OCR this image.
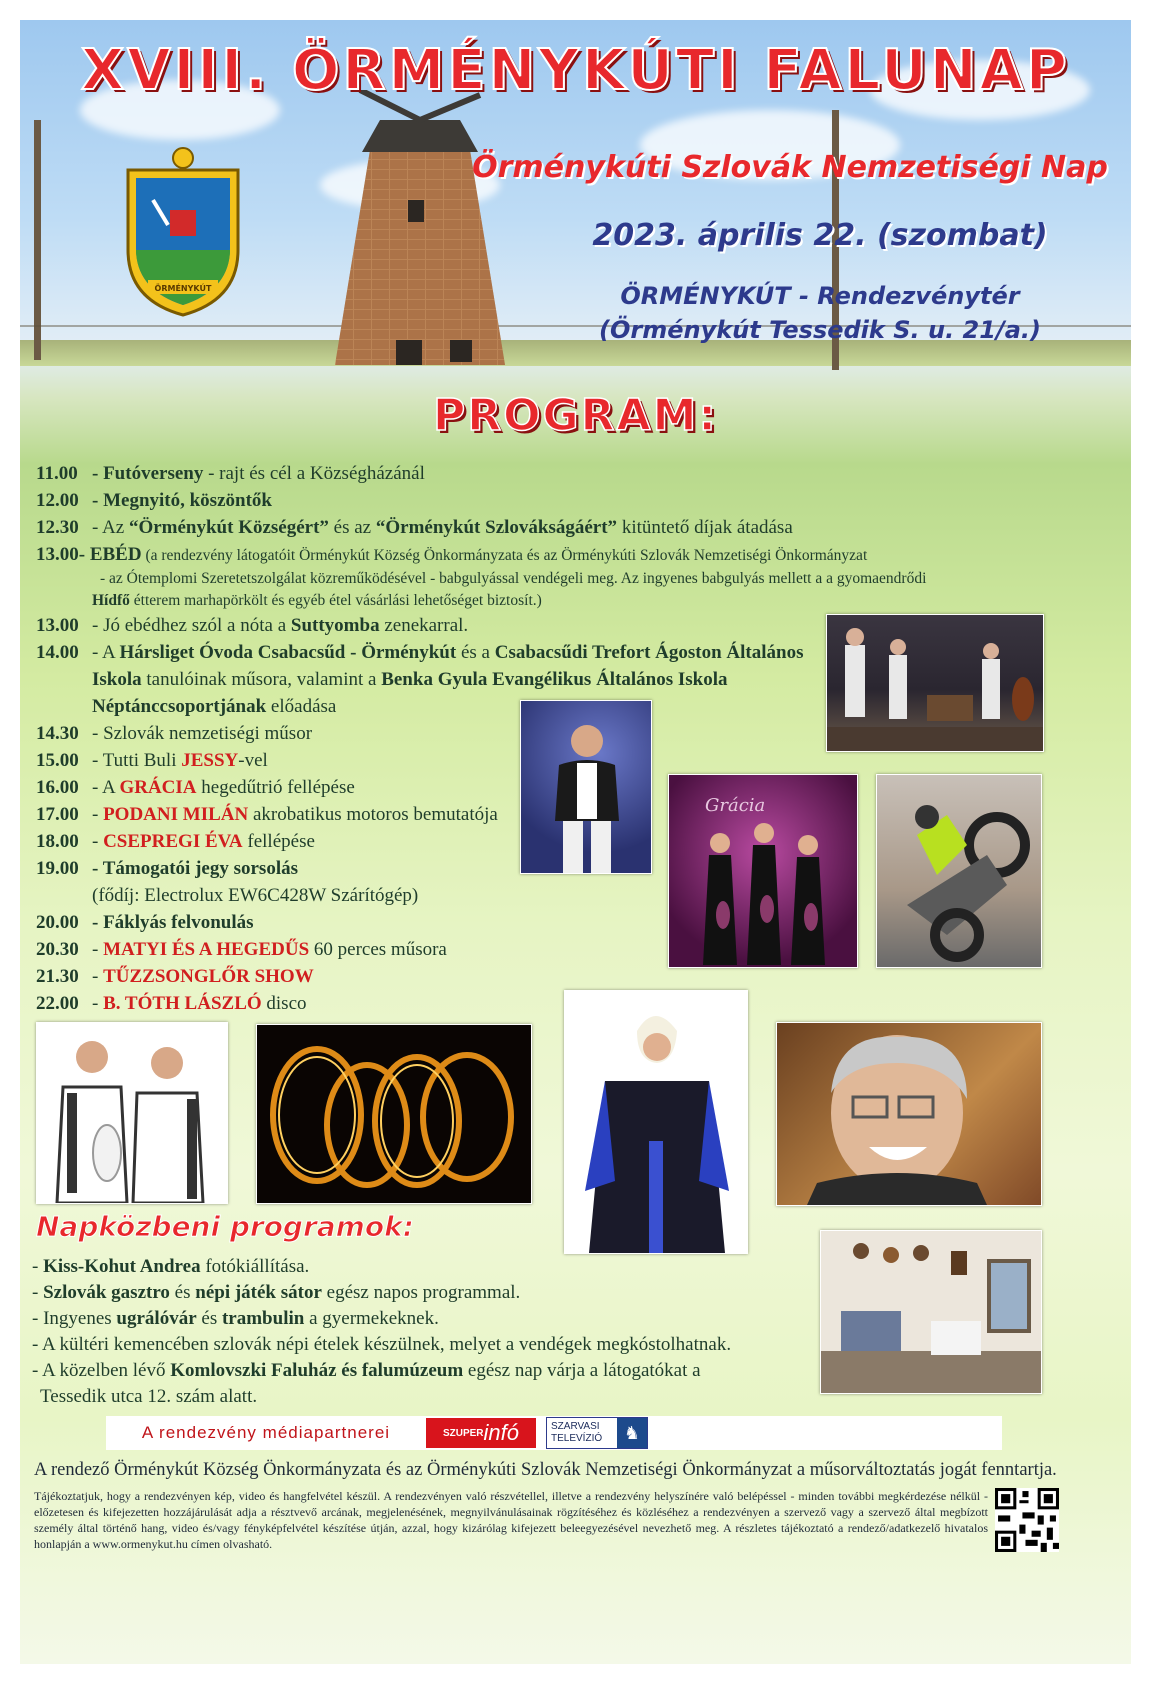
ÖRMÉNYKÚT
XVIII. ÖRMÉNYKÚTI FALUNAP
Örménykúti Szlovák Nemzetiségi Nap
2023. április 22. (szombat)
ÖRMÉNYKÚT - Rendezvénytér
(Örménykút Tessedik S. u. 21/a.)
PROGRAM:
11.00 - Futóverseny - rajt és cél a Községházánál
12.00 - Megnyitó, köszöntők
12.30 - Az “Örménykút Községért” és az “Örménykút Szlovákságáért” kitüntető díjak átadása
13.00 - EBÉD (a rendezvény látogatóit Örménykút Község Önkormányzata és az Örménykúti Szlovák Nemzetiségi Önkormányzat
- az Ótemplomi Szeretetszolgálat közreműködésével - babgulyással vendégeli meg. Az ingyenes babgulyás mellett a a gyomaendrődi
Hídfő étterem marhapörkölt és egyéb étel vásárlási lehetőséget biztosít.)
13.00 - Jó ebédhez szól a nóta a Suttyomba zenekarral.
14.00 - A Hársliget Óvoda Csabacsűd - Örménykút és a Csabacsűdi Trefort Ágoston Általános
Iskola tanulóinak műsora, valamint a Benka Gyula Evangélikus Általános Iskola
Néptánccsoportjának előadása
14.30 - Szlovák nemzetiségi műsor
15.00 - Tutti Buli JESSY-vel
16.00 - A GRÁCIA hegedűtrió fellépése
17.00 - PODANI MILÁN akrobatikus motoros bemutatója
18.00 - CSEPREGI ÉVA fellépése
19.00 - Támogatói jegy sorsolás
(fődíj: Electrolux EW6C428W Szárítógép)
20.00 - Fáklyás felvonulás
20.30 - MATYI ÉS A HEGEDŰS 60 perces műsora
21.30 - TŰZZSONGLŐR SHOW
22.00 - B. TÓTH LÁSZLÓ disco
Grácia
Napközbeni programok:
- Kiss-Kohut Andrea fotókiállítása.
- Szlovák gasztro és népi játék sátor egész napos programmal.
- Ingyenes ugrálóvár és trambulin a gyermekeknek.
- A kültéri kemencében szlovák népi ételek készülnek, melyet a vendégek megkóstolhatnak.
- A közelben lévő Komlovszki Faluház és falumúzeum egész nap várja a látogatókat a
Tessedik utca 12. szám alatt.
A rendezvény médiapartnerei	SZUPER infó	SZARVASI
TELEVÍZIÓ	♞
A rendező Örménykút Község Önkormányzata és az Örménykúti Szlovák Nemzetiségi Önkormányzat a műsorváltoztatás jogát fenntartja.
Tájékoztatjuk, hogy a rendezvényen kép, video és hangfelvétel készül. A rendezvényen való részvétellel, illetve a rendezvény helyszínére való belépéssel - minden további megkérdezése nélkül - előzetesen és kifejezetten hozzájárulását adja a résztvevő arcának, megjelenésének, megnyilvánulásainak rögzítéséhez és közléséhez a rendezvényen a szervező vagy a szervező által megbízott személy által történő hang, video és/vagy fényképfelvétel készítése útján, azzal, hogy kizárólag kifejezett beleegyezésével nevezhető meg. A részletes tájékoztató a rendező/adatkezelő hivatalos honlapján a www.ormenykut.hu címen olvasható.
